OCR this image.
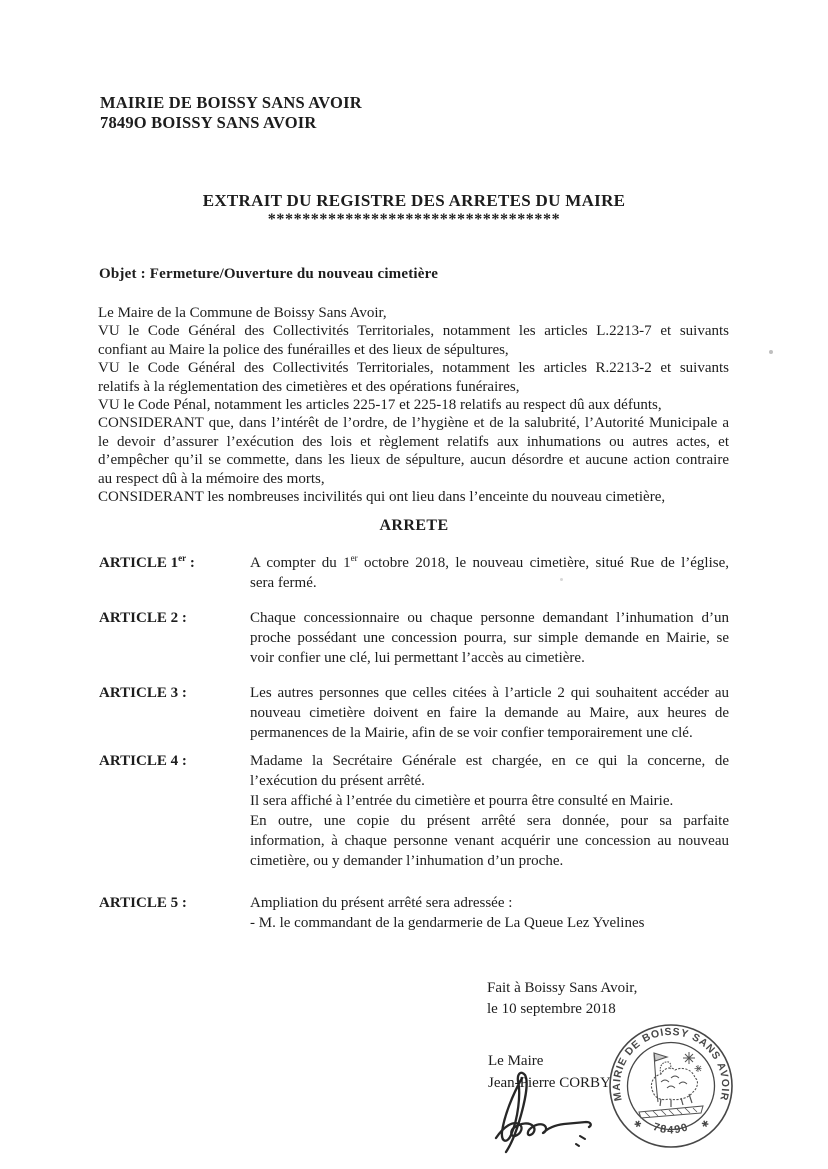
MAIRIE DE BOISSY SANS AVOIR
7849O BOISSY SANS AVOIR
EXTRAIT DU REGISTRE DES ARRETES DU MAIRE
**********************************
Objet : Fermeture/Ouverture du nouveau cimetière
Le Maire de la Commune de Boissy Sans Avoir,
VU le Code Général des Collectivités Territoriales, notamment les articles L.2213-7 et suivants
confiant au Maire la police des funérailles et des lieux de sépultures,
VU le Code Général des Collectivités Territoriales, notamment les articles R.2213-2 et suivants
relatifs à la réglementation des cimetières et des opérations funéraires,
VU le Code Pénal, notamment les articles 225-17 et 225-18 relatifs au respect dû aux défunts,
CONSIDERANT que, dans l’intérêt de l’ordre, de l’hygiène et de la salubrité, l’Autorité Municipale a
le devoir d’assurer l’exécution des lois et règlement relatifs aux inhumations ou autres actes, et
d’empêcher qu’il se commette, dans les lieux de sépulture, aucun désordre et aucune action contraire
au respect dû à la mémoire des morts,
CONSIDERANT les nombreuses incivilités qui ont lieu dans l’enceinte du nouveau cimetière,
ARRETE
ARTICLE 1er :	A compter du 1er octobre 2018, le nouveau cimetière, situé Rue de l’église,
sera fermé.
ARTICLE 2 :	Chaque concessionnaire ou chaque personne demandant l’inhumation d’un
proche possédant une concession pourra, sur simple demande en Mairie, se
voir confier une clé, lui permettant l’accès au cimetière.
ARTICLE 3 :	Les autres personnes que celles citées à l’article 2 qui souhaitent accéder au
nouveau cimetière doivent en faire la demande au Maire, aux heures de
permanences de la Mairie, afin de se voir confier temporairement une clé.
ARTICLE 4 :	Madame la Secrétaire Générale est chargée, en ce qui la concerne, de
l’exécution du présent arrêté.
Il sera affiché à l’entrée du cimetière et pourra être consulté en Mairie.
En outre, une copie du présent arrêté sera donnée, pour sa parfaite
information, à chaque personne venant acquérir une concession au nouveau
cimetière, ou y demander l’inhumation d’un proche.
ARTICLE 5 :	Ampliation du présent arrêté sera adressée :
- M. le commandant de la gendarmerie de La Queue Lez Yvelines
Fait à Boissy Sans Avoir,
le 10 septembre 2018
Le Maire
Jean-Pierre CORBY
MAIRIE DE BOISSY SANS AVOIR
78490
✱	✱
